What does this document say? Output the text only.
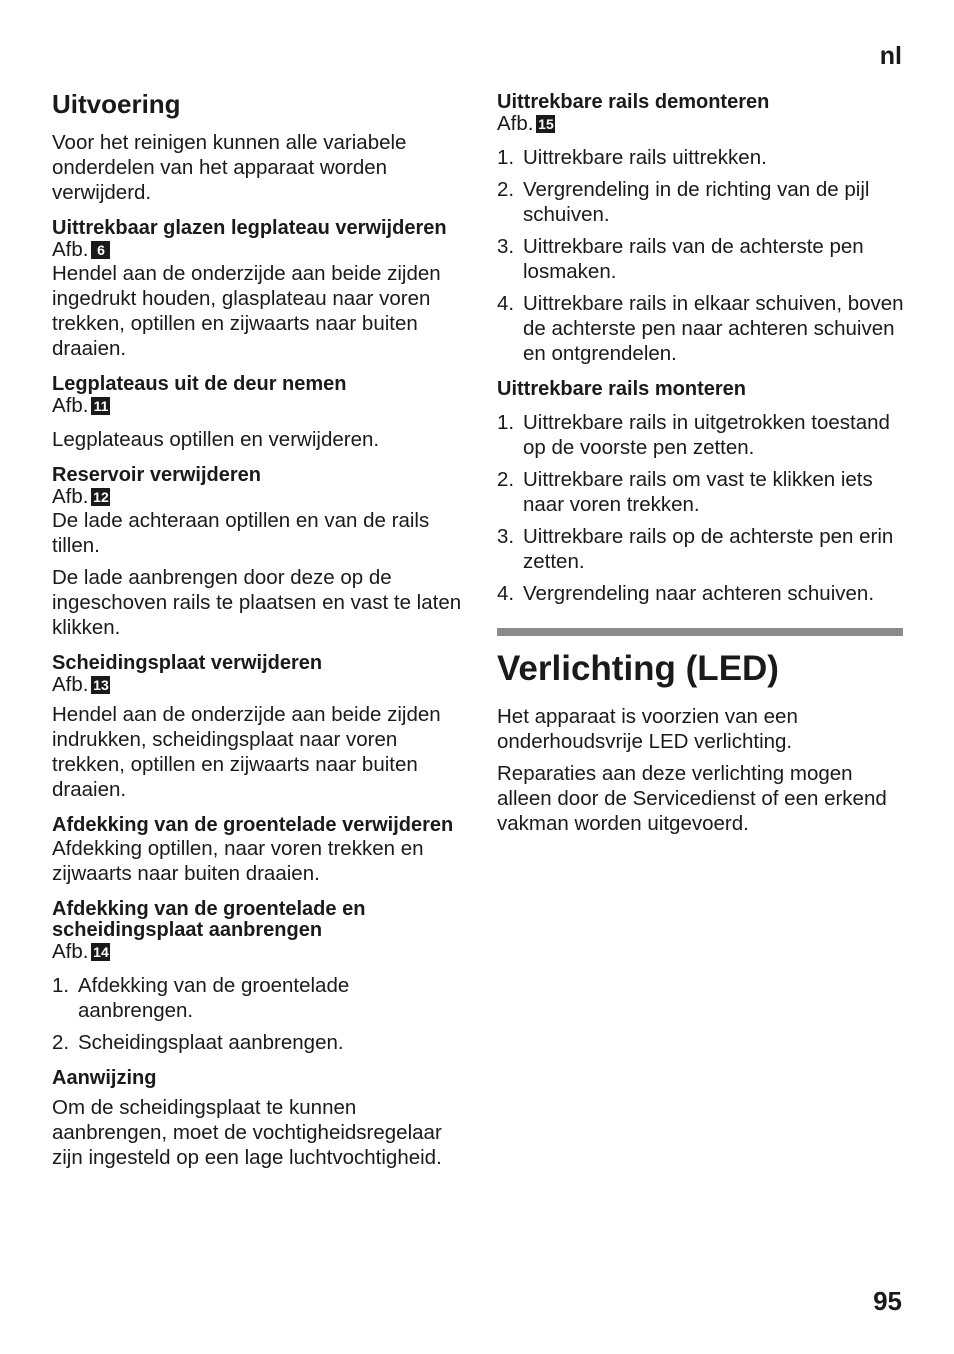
nl
Uitvoering

Voor het reinigen kunnen alle variabele onderdelen van het apparaat worden verwijderd.

Uittrekbaar glazen legplateau verwijderen
Afb. 6

Hendel aan de onderzijde aan beide zijden ingedrukt houden, glasplateau naar voren trekken, optillen en zijwaarts naar buiten draaien.

Legplateaus uit de deur nemen
Afb. 11

Legplateaus optillen en verwijderen.

Reservoir verwijderen
Afb. 12

De lade achteraan optillen en van de rails tillen.

De lade aanbrengen door deze op de ingeschoven rails te plaatsen en vast te laten klikken.

Scheidingsplaat verwijderen
Afb. 13

Hendel aan de onderzijde aan beide zijden indrukken, scheidingsplaat naar voren trekken, optillen en zijwaarts naar buiten draaien.

Afdekking van de groentelade verwijderen

Afdekking optillen, naar voren trekken en zijwaarts naar buiten draaien.

Afdekking van de groentelade en scheidingsplaat aanbrengen
Afb. 14
1. Afdekking van de groentelade aanbrengen.
2. Scheidingsplaat aanbrengen.
Aanwijzing

Om de scheidingsplaat te kunnen aanbrengen, moet de vochtigheidsregelaar zijn ingesteld op een lage luchtvochtigheid.

Uittrekbare rails demonteren
Afb. 15
1. Uittrekbare rails uittrekken.
2. Vergrendeling in de richting van de pijl schuiven.
3. Uittrekbare rails van de achterste pen losmaken.
4. Uittrekbare rails in elkaar schuiven, boven de achterste pen naar achteren schuiven en ontgrendelen.
Uittrekbare rails monteren
1. Uittrekbare rails in uitgetrokken toestand op de voorste pen zetten.
2. Uittrekbare rails om vast te klikken iets naar voren trekken.
3. Uittrekbare rails op de achterste pen erin zetten.
4. Vergrendeling naar achteren schuiven.
Verlichting (LED)

Het apparaat is voorzien van een onderhoudsvrije LED verlichting.

Reparaties aan deze verlichting mogen alleen door de Servicedienst of een erkend vakman worden uitgevoerd.

95
